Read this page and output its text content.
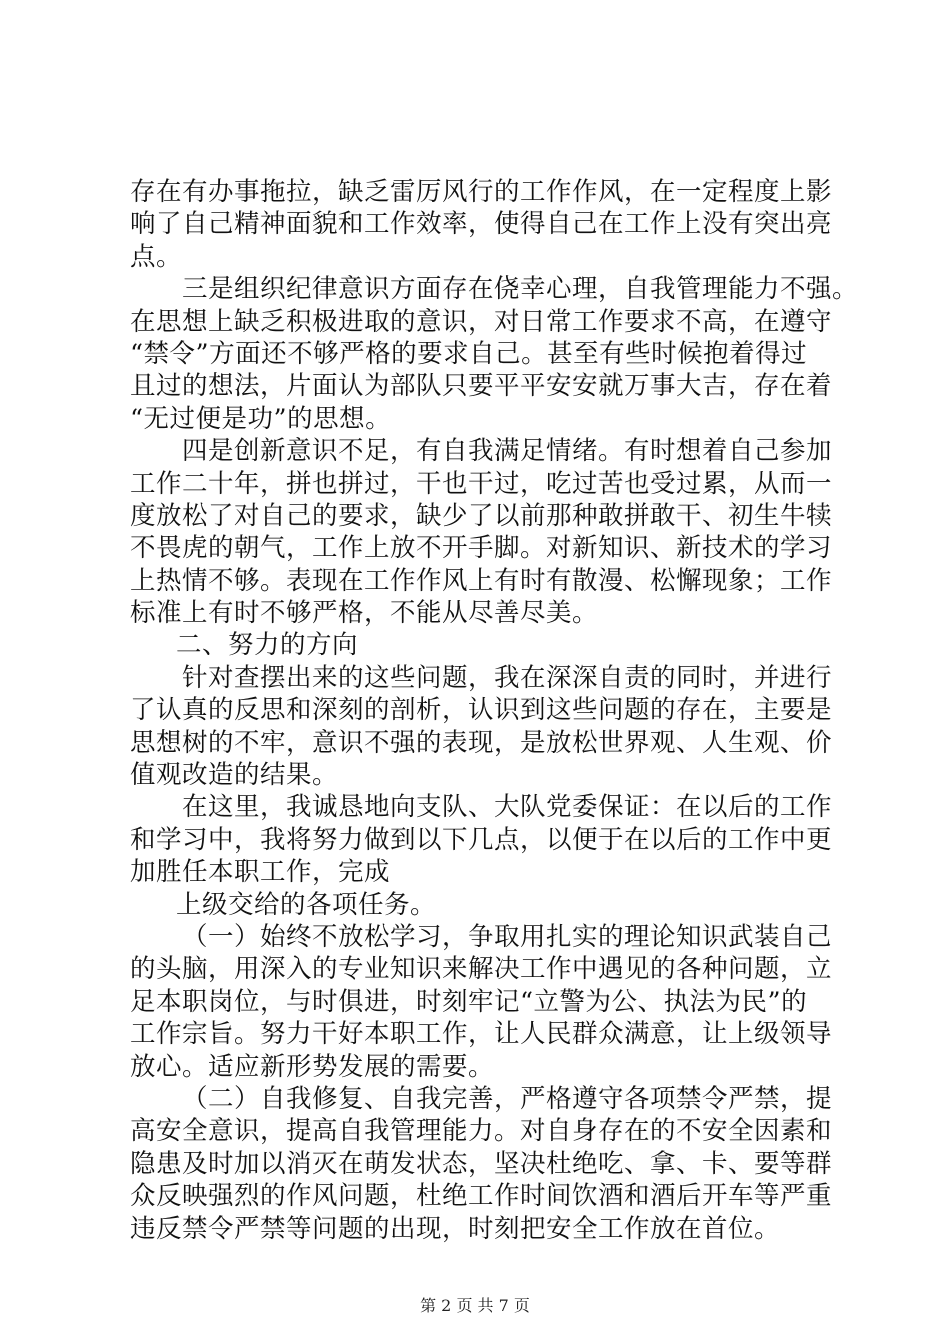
存在有办事拖拉，缺乏雷厉风行的工作作风，在一定程度上影
响了自己精神面貌和工作效率，使得自己在工作上没有突出亮
点。
三是组织纪律意识方面存在侥幸心理，自我管理能力不强。
在思想上缺乏积极进取的意识，对日常工作要求不高，在遵守
“禁令”方面还不够严格的要求自己。甚至有些时候抱着得过
且过的想法，片面认为部队只要平平安安就万事大吉，存在着
“无过便是功”的思想。
四是创新意识不足，有自我满足情绪。有时想着自己参加
工作二十年，拼也拼过，干也干过，吃过苦也受过累，从而一
度放松了对自己的要求，缺少了以前那种敢拼敢干、初生牛犊
不畏虎的朝气，工作上放不开手脚。对新知识、新技术的学习
上热情不够。表现在工作作风上有时有散漫、松懈现象；工作
标准上有时不够严格，不能从尽善尽美。
二、努力的方向
针对查摆出来的这些问题，我在深深自责的同时，并进行
了认真的反思和深刻的剖析，认识到这些问题的存在，主要是
思想树的不牢，意识不强的表现，是放松世界观、人生观、价
值观改造的结果。
在这里，我诚恳地向支队、大队党委保证：在以后的工作
和学习中，我将努力做到以下几点，以便于在以后的工作中更
加胜任本职工作，完成
上级交给的各项任务。
（一）始终不放松学习，争取用扎实的理论知识武装自己
的头脑，用深入的专业知识来解决工作中遇见的各种问题，立
足本职岗位，与时俱进，时刻牢记“立警为公、执法为民”的
工作宗旨。努力干好本职工作，让人民群众满意，让上级领导
放心。适应新形势发展的需要。
（二）自我修复、自我完善，严格遵守各项禁令严禁，提
高安全意识，提高自我管理能力。对自身存在的不安全因素和
隐患及时加以消灭在萌发状态，坚决杜绝吃、拿、卡、要等群
众反映强烈的作风问题，杜绝工作时间饮酒和酒后开车等严重
违反禁令严禁等问题的出现，时刻把安全工作放在首位。
第 2 页 共 7 页
